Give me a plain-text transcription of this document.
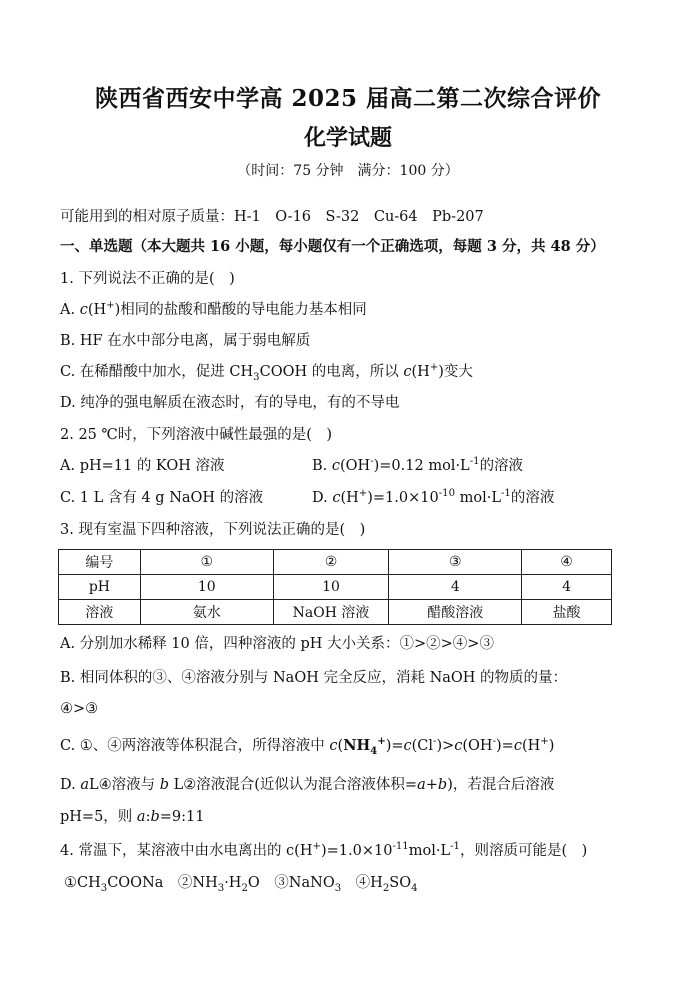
陕西省西安中学高 2025 届高二第二次综合评价
化学试题
（时间：75 分钟　满分：100 分）
可能用到的相对原子质量：H-1　O-16　S-32　Cu-64　Pb-207
一、单选题（本大题共 16 小题，每小题仅有一个正确选项，每题 3 分，共 48 分）
1. 下列说法不正确的是(　)
A. c(H+)相同的盐酸和醋酸的导电能力基本相同
B. HF 在水中部分电离，属于弱电解质
C. 在稀醋酸中加水，促进 $CH_3COOH$ 的电离，所以 c(H+)变大
D. 纯净的强电解质在液态时，有的导电，有的不导电
2. 25 ℃时，下列溶液中碱性最强的是(　)
A. pH=11 的 KOH 溶液	B. c(OH-)=0.12 $mol\cdot L^{-1}$的溶液
C. 1 L 含有 4 g NaOH 的溶液	D. $c(H^+)=1.0\times 10^{-10}$ $mol\cdot L^{-1}$的溶液
3. 现有室温下四种溶液，下列说法正确的是(　)
编号	①	②	③	④
pH	10	10	4	4
溶液	氨水	NaOH 溶液	醋酸溶液	盐酸
A. 分别加水稀释 10 倍，四种溶液的 pH 大小关系：①>②>④>③
B. 相同体积的③、④溶液分别与 NaOH 完全反应，消耗 NaOH 的物质的量：
④>③
C. ①、④两溶液等体积混合，所得溶液中 $c(NH_4^+)=c(Cl^-)>c(OH^-)=c(H^+)$
D. aL④溶液与 b L②溶液混合(近似认为混合溶液体积=a+b)，若混合后溶液
pH=5，则 a:b=9:11
4. 常温下，某溶液中由水电离出的 $c(H^+)=1.0\times 10^{-11}mol\cdot L^{-1}$，则溶质可能是(　)
$①CH_3COONa$　$②NH_3\cdot H_2O$　③NaNO$_3$　$④H_2SO_4$
